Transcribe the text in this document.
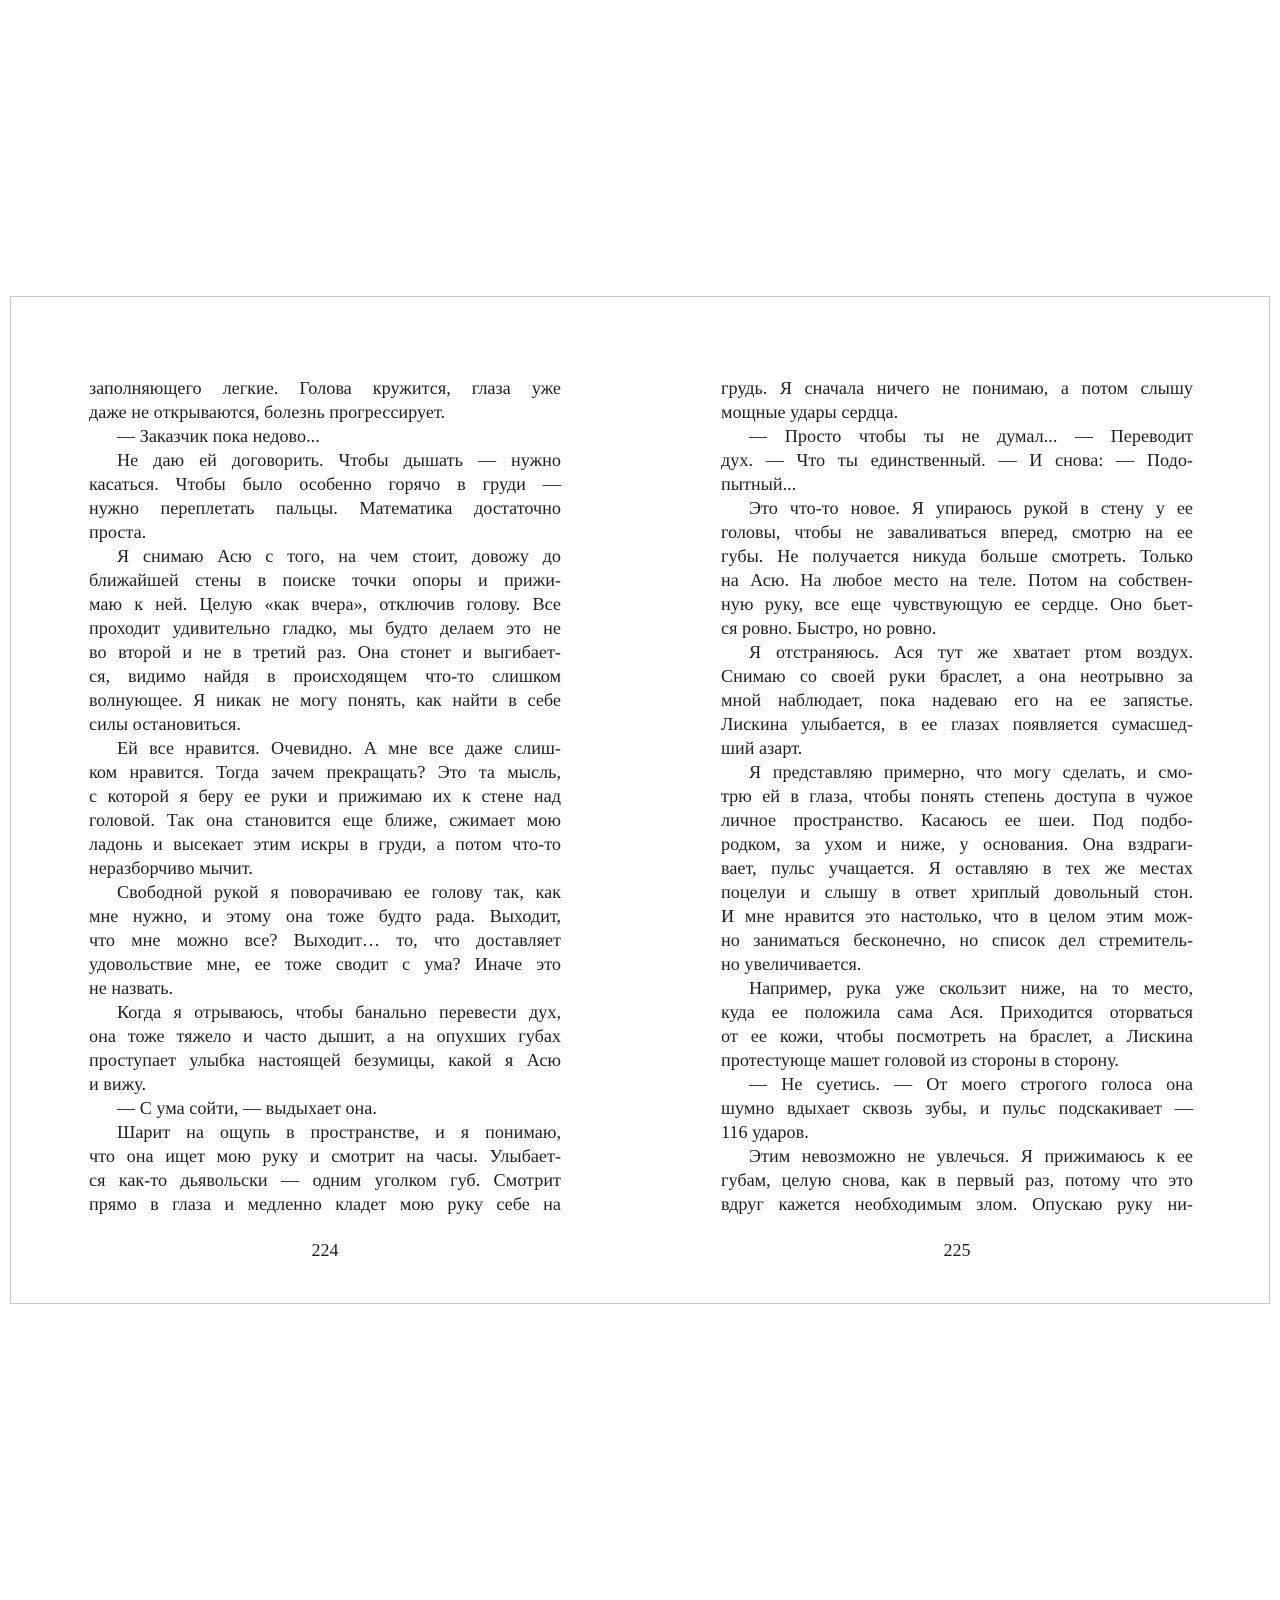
заполняющего легкие. Голова кружится, глаза уже
даже не открываются, болезнь прогрессирует.
— Заказчик пока недово...
Не даю ей договорить. Чтобы дышать — нужно
касаться. Чтобы было особенно горячо в груди —
нужно переплетать пальцы. Математика достаточно
проста.
Я снимаю Асю с того, на чем стоит, довожу до
ближайшей стены в поиске точки опоры и прижи-
маю к ней. Целую «как вчера», отключив голову. Все
проходит удивительно гладко, мы будто делаем это не
во второй и не в третий раз. Она стонет и выгибает-
ся, видимо найдя в происходящем что-то слишком
волнующее. Я никак не могу понять, как найти в себе
силы остановиться.
Ей все нравится. Очевидно. А мне все даже слиш-
ком нравится. Тогда зачем прекращать? Это та мысль,
с которой я беру ее руки и прижимаю их к стене над
головой. Так она становится еще ближе, сжимает мою
ладонь и высекает этим искры в груди, а потом что-то
неразборчиво мычит.
Свободной рукой я поворачиваю ее голову так, как
мне нужно, и этому она тоже будто рада. Выходит,
что мне можно все? Выходит… то, что доставляет
удовольствие мне, ее тоже сводит с ума? Иначе это
не назвать.
Когда я отрываюсь, чтобы банально перевести дух,
она тоже тяжело и часто дышит, а на опухших губах
проступает улыбка настоящей безумицы, какой я Асю
и вижу.
— С ума сойти, — выдыхает она.
Шарит на ощупь в пространстве, и я понимаю,
что она ищет мою руку и смотрит на часы. Улыбает-
ся как-то дьявольски — одним уголком губ. Смотрит
прямо в глаза и медленно кладет мою руку себе на
грудь. Я сначала ничего не понимаю, а потом слышу
мощные удары сердца.
— Просто чтобы ты не думал... — Переводит
дух. — Что ты единственный. — И снова: — Подо-
пытный...
Это что-то новое. Я упираюсь рукой в стену у ее
головы, чтобы не заваливаться вперед, смотрю на ее
губы. Не получается никуда больше смотреть. Только
на Асю. На любое место на теле. Потом на собствен-
ную руку, все еще чувствующую ее сердце. Оно бьет-
ся ровно. Быстро, но ровно.
Я отстраняюсь. Ася тут же хватает ртом воздух.
Снимаю со своей руки браслет, а она неотрывно за
мной наблюдает, пока надеваю его на ее запястье.
Лискина улыбается, в ее глазах появляется сумасшед-
ший азарт.
Я представляю примерно, что могу сделать, и смо-
трю ей в глаза, чтобы понять степень доступа в чужое
личное пространство. Касаюсь ее шеи. Под подбо-
родком, за ухом и ниже, у основания. Она вздраги-
вает, пульс учащается. Я оставляю в тех же местах
поцелуи и слышу в ответ хриплый довольный стон.
И мне нравится это настолько, что в целом этим мож-
но заниматься бесконечно, но список дел стремитель-
но увеличивается.
Например, рука уже скользит ниже, на то место,
куда ее положила сама Ася. Приходится оторваться
от ее кожи, чтобы посмотреть на браслет, а Лискина
протестующе машет головой из стороны в сторону.
— Не суетись. — От моего строгого голоса она
шумно вдыхает сквозь зубы, и пульс подскакивает —
116 ударов.
Этим невозможно не увлечься. Я прижимаюсь к ее
губам, целую снова, как в первый раз, потому что это
вдруг кажется необходимым злом. Опускаю руку ни-
224	225
